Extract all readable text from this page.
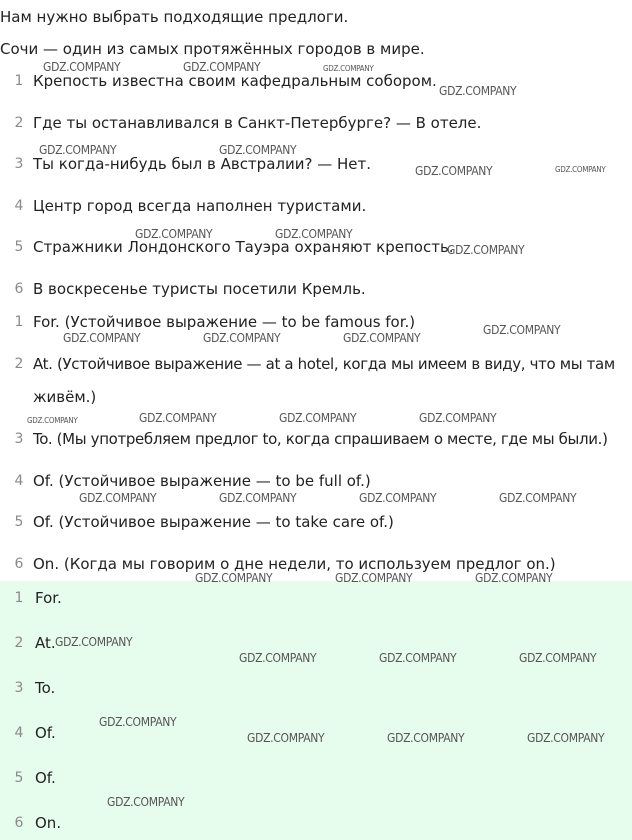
Нам нужно выбрать подходящие предлоги.
Сочи — один из самых протяжённых городов в мире.
1 Крепость известна своим кафедральным собором.
2 Где ты останавливался в Санкт-Петербурге? — В отеле.
3 Ты когда-нибудь был в Австралии? — Нет.
4 Центр город всегда наполнен туристами.
5 Стражники Лондонского Тауэра охраняют крепость.
6 В воскресенье туристы посетили Кремль.
1 For. (Устойчивое выражение — to be famous for.)
2 At. (Устойчивое выражение — at a hotel, когда мы имеем в виду, что мы там
живём.)
3 To. (Мы употребляем предлог to, когда спрашиваем о месте, где мы были.)
4 Of. (Устойчивое выражение — to be full of.)
5 Of. (Устойчивое выражение — to take care of.)
6 On. (Когда мы говорим о дне недели, то используем предлог on.)
1 For.
2 At.
3 To.
4 Of.
5 Of.
6 On.
GDZ.COMPANY	GDZ.COMPANY	GDZ.COMPANY
GDZ.COMPANY
GDZ.COMPANY	GDZ.COMPANY
GDZ.COMPANY	GDZ.COMPANY
GDZ.COMPANY	GDZ.COMPANY
GDZ.COMPANY
GDZ.COMPANY
GDZ.COMPANY	GDZ.COMPANY	GDZ.COMPANY
GDZ.COMPANY	GDZ.COMPANY	GDZ.COMPANY	GDZ.COMPANY
GDZ.COMPANY	GDZ.COMPANY	GDZ.COMPANY	GDZ.COMPANY
GDZ.COMPANY	GDZ.COMPANY	GDZ.COMPANY
GDZ.COMPANY
GDZ.COMPANY	GDZ.COMPANY	GDZ.COMPANY
GDZ.COMPANY
GDZ.COMPANY	GDZ.COMPANY	GDZ.COMPANY
GDZ.COMPANY
